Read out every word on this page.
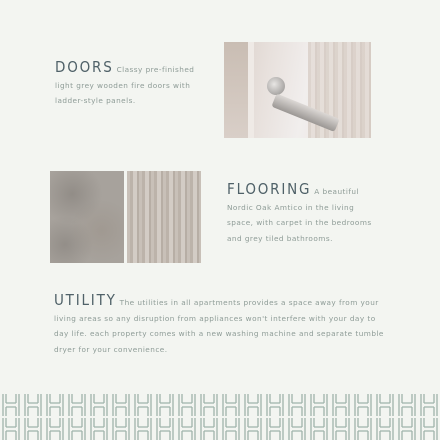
DOORS Classy pre-finished light grey wooden fire doors with ladder-style panels.
FLOORING A beautiful Nordic Oak Amtico in the living space, with carpet in the bedrooms and grey tiled bathrooms.
UTILITY The utilities in all apartments provides a space away from your living areas so any disruption from appliances won't interfere with your day to day life. each property comes with a new washing machine and separate tumble dryer for your convenience.
